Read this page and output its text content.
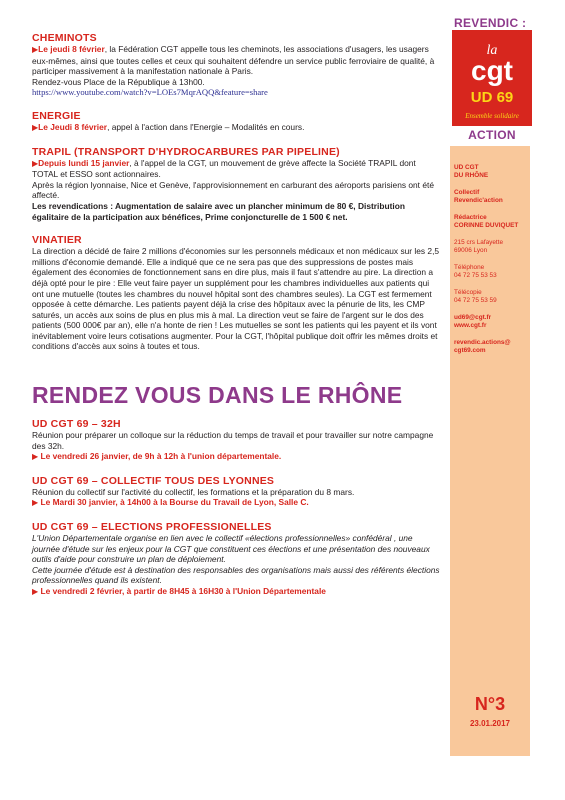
REVENDIC :
la
cgt
UD 69
Ensemble solidaire
ACTION
UD CGT
DU RHÔNE
Collectif
Revendic'action
Rédactrice
CORINNE DUVIQUET
215 crs Lafayette
69006 Lyon
Téléphone
04 72 75 53 53
Télécopie
04 72 75 53 59
ud69@cgt.fr
www.cgt.fr
revendic.actions@
cgt69.com
N°3
23.01.2017
CHEMINOTS

▶Le jeudi 8 février, la Fédération CGT appelle tous les cheminots, les associations d'usagers, les usagers eux-mêmes, ainsi que toutes celles et ceux qui souhaitent défendre un service public ferroviaire de qualité, à participer massivement à la manifestation nationale à Paris.

Rendez-vous Place de la République à 13h00.

https://www.youtube.com/watch?v=LOEs7MqrAQQ&feature=share

ENERGIE

▶Le Jeudi 8 février, appel à l'action dans l'Energie – Modalités en cours.

TRAPIL (TRANSPORT D'HYDROCARBURES PAR PIPELINE)

▶Depuis lundi 15 janvier, à l'appel de la CGT, un mouvement de grève affecte la Société TRAPIL dont TOTAL et ESSO sont actionnaires.

Après la région lyonnaise, Nice et Genève, l'approvisionnement en carburant des aéroports parisiens ont été affecté.

Les revendications : Augmentation de salaire avec un plancher minimum de 80 €, Distribution égalitaire de la participation aux bénéfices, Prime conjoncturelle de 1 500 € net.

VINATIER

La direction a décidé de faire 2 millions d'économies sur les personnels médicaux et non médicaux sur les 2,5 millions d'économie demandé. Elle a indiqué que ce ne sera pas que des suppressions de postes mais également des économies de fonctionnement sans en dire plus, mais il faut s'attendre au pire. La direction a déjà opté pour le pire : Elle veut faire payer un supplément pour les chambres individuelles aux patients qui ont une mutuelle (toutes les chambres du nouvel hôpital sont des chambres seules). La CGT est fermement opposée à cette démarche. Les patients payent déjà la crise des hôpitaux avec la pénurie de lits, les CMP saturés, un accès aux soins de plus en plus mis à mal. La direction veut se faire de l'argent sur le dos des patients (500 000€ par an), elle n'a honte de rien ! Les mutuelles se sont les patients qui les payent et ils vont inévitablement voire leurs cotisations augmenter. Pour la CGT, l'hôpital publique doit offrir les mêmes droits et conditions d'accès aux soins à toutes et tous.

RENDEZ VOUS DANS LE RHÔNE
UD CGT 69 – 32H

Réunion pour préparer un colloque sur la réduction du temps de travail et pour travailler sur notre campagne des 32h.

▶ Le vendredi 26 janvier, de 9h à 12h à l'union départementale.

UD CGT 69 – COLLECTIF TOUS DES LYONNES

Réunion du collectif sur l'activité du collectif, les formations et la préparation du 8 mars.

▶ Le Mardi 30 janvier, à 14h00 à la Bourse du Travail de Lyon, Salle C.

UD CGT 69 – ELECTIONS PROFESSIONELLES

L'Union Départementale organise en lien avec le collectif «élections professionnelles» confédéral , une journée d'étude sur les enjeux pour la CGT que constituent ces élections et une présentation des nouveaux outils d'aide pour construire un plan de déploiement.

Cette journée d'étude est à destination des responsables des organisations mais aussi des référents élections professionnelles quand ils existent.

▶ Le vendredi 2 février, à partir de 8H45 à 16H30 à l'Union Départementale
